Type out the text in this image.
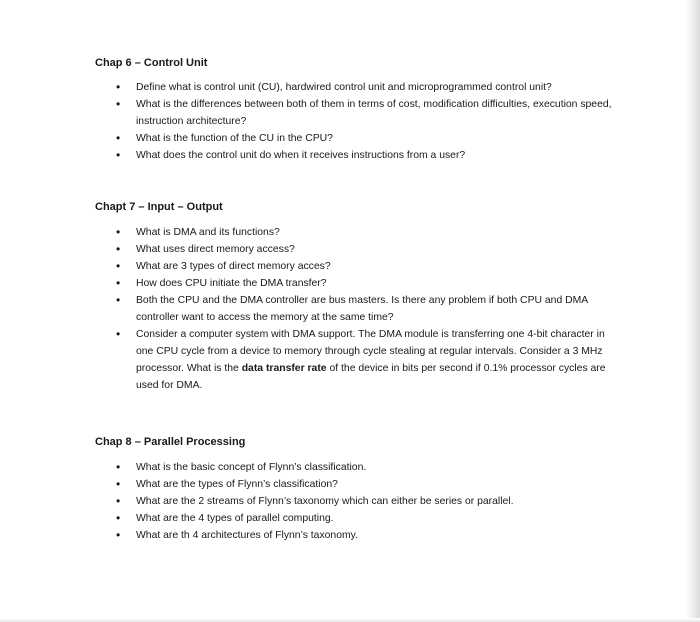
Chap 6 – Control Unit

• Define what is control unit (CU), hardwired control unit and microprogrammed control unit?
• What is the differences between both of them in terms of cost, modification difficulties, execution speed, instruction architecture?
• What is the function of the CU in the CPU?
• What does the control unit do when it receives instructions from a user?

Chapt 7 – Input – Output

• What is DMA and its functions?
• What uses direct memory access?
• What are 3 types of direct memory acces?
• How does CPU initiate the DMA transfer?
• Both the CPU and the DMA controller are bus masters. Is there any problem if both CPU and DMA controller want to access the memory at the same time?
• Consider a computer system with DMA support. The DMA module is transferring one 4-bit character in one CPU cycle from a device to memory through cycle stealing at regular intervals. Consider a 3 MHz processor. What is the data transfer rate of the device in bits per second if 0.1% processor cycles are used for DMA.

Chap 8 – Parallel Processing

• What is the basic concept of Flynn’s classification.
• What are the types of Flynn’s classification?
• What are the 2 streams of Flynn’s taxonomy which can either be series or parallel.
• What are the 4 types of parallel computing.
• What are th 4 architectures of Flynn’s taxonomy.
